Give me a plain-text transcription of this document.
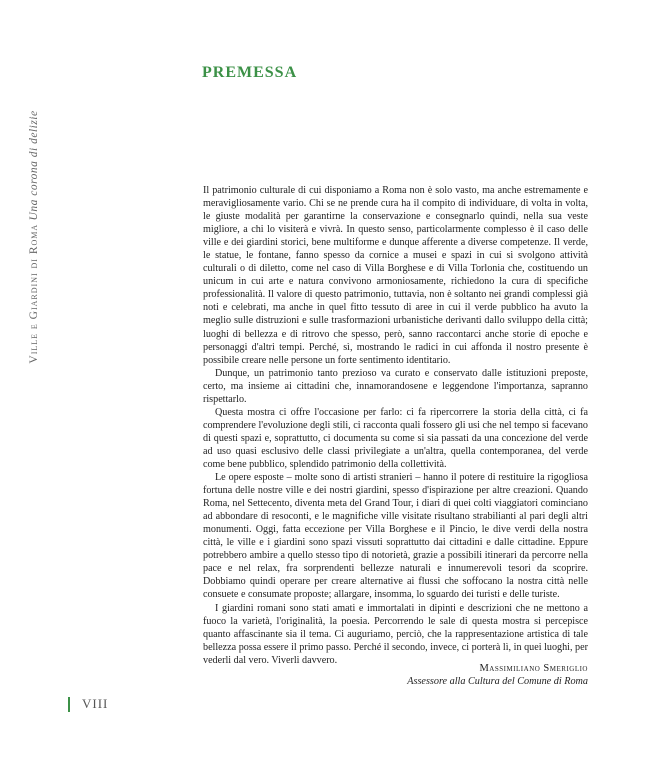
Ville e Giardini di Roma Una corona di delizie
PREMESSA

Il patrimonio culturale di cui disponiamo a Roma non è solo vasto, ma anche estremamente e meravigliosamente vario. Chi se ne prende cura ha il compito di individuare, di volta in volta, le giuste modalità per garantirne la conservazione e consegnarlo quindi, nella sua veste migliore, a chi lo visiterà e vivrà. In questo senso, particolarmente complesso è il caso delle ville e dei giardini storici, bene multiforme e dunque afferente a diverse competenze. Il verde, le statue, le fontane, fanno spesso da cornice a musei e spazi in cui si svolgono attività culturali o di diletto, come nel caso di Villa Borghese e di Villa Torlonia che, costituendo un unicum in cui arte e natura convivono armoniosamente, richiedono la cura di specifiche professionalità. Il valore di questo patrimonio, tuttavia, non è soltanto nei grandi complessi già noti e celebrati, ma anche in quel fitto tessuto di aree in cui il verde pubblico ha avuto la meglio sulle distruzioni e sulle trasformazioni urbanistiche derivanti dallo sviluppo della città; luoghi di bellezza e di ritrovo che spesso, però, sanno raccontarci anche storie di epoche e personaggi d'altri tempi. Perché, sì, mostrando le radici in cui affonda il nostro presente è possibile creare nelle persone un forte sentimento identitario.

Dunque, un patrimonio tanto prezioso va curato e conservato dalle istituzioni preposte, certo, ma insieme ai cittadini che, innamorandosene e leggendone l'importanza, sapranno rispettarlo.

Questa mostra ci offre l'occasione per farlo: ci fa ripercorrere la storia della città, ci fa comprendere l'evoluzione degli stili, ci racconta quali fossero gli usi che nel tempo si facevano di questi spazi e, soprattutto, ci documenta su come si sia passati da una concezione del verde ad uso quasi esclusivo delle classi privilegiate a un'altra, quella contemporanea, del verde come bene pubblico, splendido patrimonio della collettività.

Le opere esposte – molte sono di artisti stranieri – hanno il potere di restituire la rigogliosa fortuna delle nostre ville e dei nostri giardini, spesso d'ispirazione per altre creazioni. Quando Roma, nel Settecento, diventa meta del Grand Tour, i diari di quei colti viaggiatori cominciano ad abbondare di resoconti, e le magnifiche ville visitate risultano strabilianti al pari degli altri monumenti. Oggi, fatta eccezione per Villa Borghese e il Pincio, le dive verdi della nostra città, le ville e i giardini sono spazi vissuti soprattutto dai cittadini e dalle cittadine. Eppure potrebbero ambire a quello stesso tipo di notorietà, grazie a possibili itinerari da percorre nella pace e nel relax, fra sorprendenti bellezze naturali e innumerevoli tesori da scoprire. Dobbiamo quindi operare per creare alternative ai flussi che soffocano la nostra città nelle consuete e consumate proposte; allargare, insomma, lo sguardo dei turisti e delle turiste.

I giardini romani sono stati amati e immortalati in dipinti e descrizioni che ne mettono a fuoco la varietà, l'originalità, la poesia. Percorrendo le sale di questa mostra si percepisce quanto affascinante sia il tema. Ci auguriamo, perciò, che la rappresentazione artistica di tale bellezza possa essere il primo passo. Perché il secondo, invece, ci porterà lì, in quei luoghi, per vederli dal vero. Viverli davvero.

Massimiliano Smeriglio
Assessore alla Cultura del Comune di Roma
VIII
